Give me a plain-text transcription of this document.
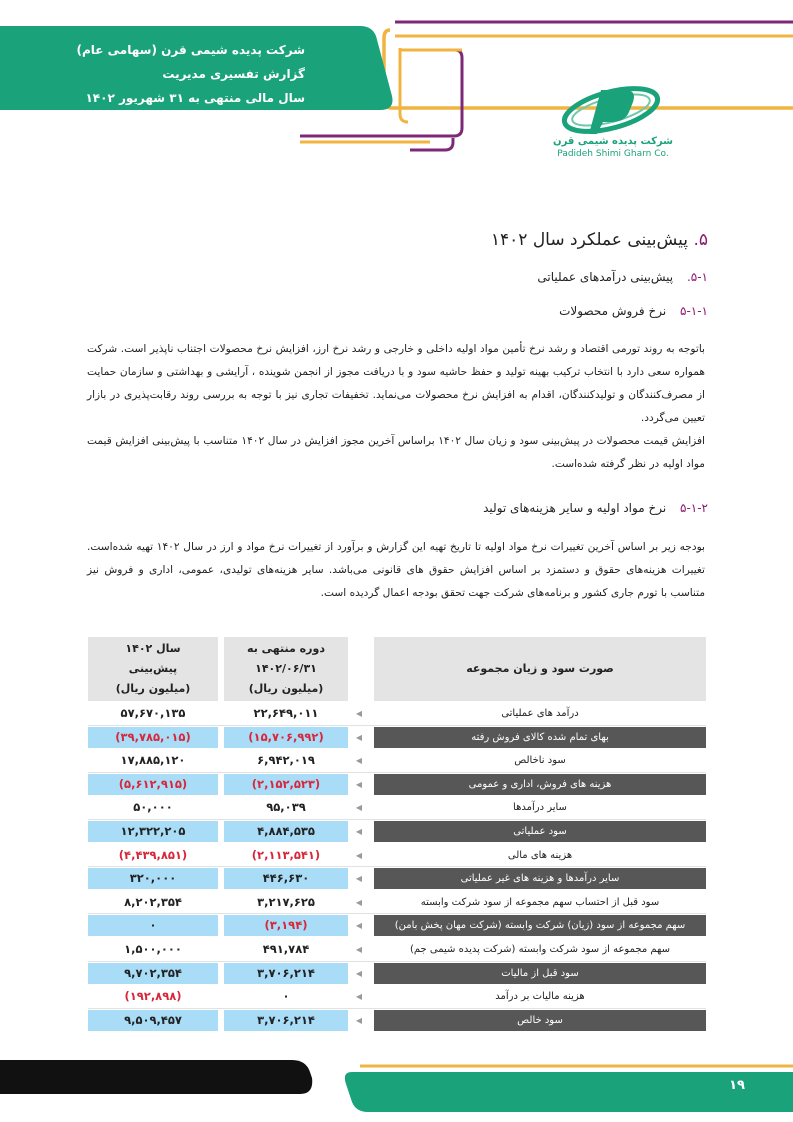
شرکت پدیده شیمی قرن (سهامی عام)
گزارش تفسیری مدیریت
سال مالی منتهی به ۳۱ شهریور ۱۴۰۲
شرکت پدیده شیمی قرن
Padideh Shimi Gharn Co.
۵. پیش‌بینی عملکرد سال ۱۴۰۲
۵-۱. پیش‌بینی درآمدهای عملیاتی
۵-۱-۱ نرخ فروش محصولات
باتوجه به روند تورمی اقتصاد و رشد نرخ تأمین مواد اولیه داخلی و خارجی و رشد نرخ ارز، افزایش نرخ محصولات اجتناب ناپذیر است. شرکت همواره سعی دارد با انتخاب ترکیب بهینه تولید و حفظ حاشیه سود و با دریافت مجوز از انجمن شوینده ، آرایشی و بهداشتی و سازمان حمایت از مصرف‌کنندگان و تولیدکنندگان، اقدام به افزایش نرخ محصولات می‌نماید. تخفیفات تجاری نیز با توجه به بررسی روند رقابت‌پذیری در بازار تعیین می‌گردد.
افزایش قیمت محصولات در پیش‌بینی سود و زیان سال ۱۴۰۲ براساس آخرین مجوز افزایش در سال ۱۴۰۲ متناسب با پیش‌بینی افزایش قیمت مواد اولیه در نظر گرفته شده‌است.
۵-۱-۲ نرخ مواد اولیه و سایر هزینه‌های تولید
بودجه زیر بر اساس آخرین تغییرات نرخ مواد اولیه تا تاریخ تهیه این گزارش و برآورد از تغییرات نرخ مواد و ارز در سال ۱۴۰۲ تهیه شده‌است. تغییرات هزینه‌های حقوق و دستمزد بر اساس افزایش حقوق های قانونی می‌باشد. سایر هزینه‌های تولیدی، عمومی، اداری و فروش نیز متناسب با تورم جاری کشور و برنامه‌های شرکت جهت تحقق بودجه اعمال گردیده است.
سال ۱۴۰۲
پیش‌بینی
(میلیون ریال)
دوره منتهی به
۱۴۰۲/۰۶/۳۱
(میلیون ریال)
صورت سود و زیان مجموعه
۵۷,۶۷۰,۱۳۵	۲۲,۶۴۹,۰۱۱	◀	درآمد های عملیاتی
(۳۹,۷۸۵,۰۱۵)	(۱۵,۷۰۶,۹۹۲)	◀	بهای تمام شده کالای فروش رفته
۱۷,۸۸۵,۱۲۰	۶,۹۴۲,۰۱۹	◀	سود ناخالص
(۵,۶۱۲,۹۱۵)	(۲,۱۵۲,۵۲۳)	◀	هزینه های فروش، اداری و عمومی
۵۰,۰۰۰	۹۵,۰۳۹	◀	سایر درآمدها
۱۲,۳۲۲,۲۰۵	۴,۸۸۴,۵۳۵	◀	سود عملیاتی
(۴,۴۳۹,۸۵۱)	(۲,۱۱۳,۵۴۱)	◀	هزینه های مالی
۳۲۰,۰۰۰	۴۴۶,۶۳۰	◀	سایر درآمدها و هزینه های غیر عملیاتی
۸,۲۰۲,۳۵۴	۳,۲۱۷,۶۲۵	◀	سود قبل از احتساب سهم مجموعه از سود شرکت وابسته
۰	(۳,۱۹۴)	◀	سهم مجموعه از سود (زیان) شرکت وابسته (شرکت مهان پخش بامن)
۱,۵۰۰,۰۰۰	۴۹۱,۷۸۴	◀	سهم مجموعه از سود شرکت وابسته (شرکت پدیده شیمی جم)
۹,۷۰۲,۳۵۴	۳,۷۰۶,۲۱۴	◀	سود قبل از مالیات
(۱۹۲,۸۹۸)	۰	◀	هزینه مالیات بر درآمد
۹,۵۰۹,۴۵۷	۳,۷۰۶,۲۱۴	◀	سود خالص
۱۹
